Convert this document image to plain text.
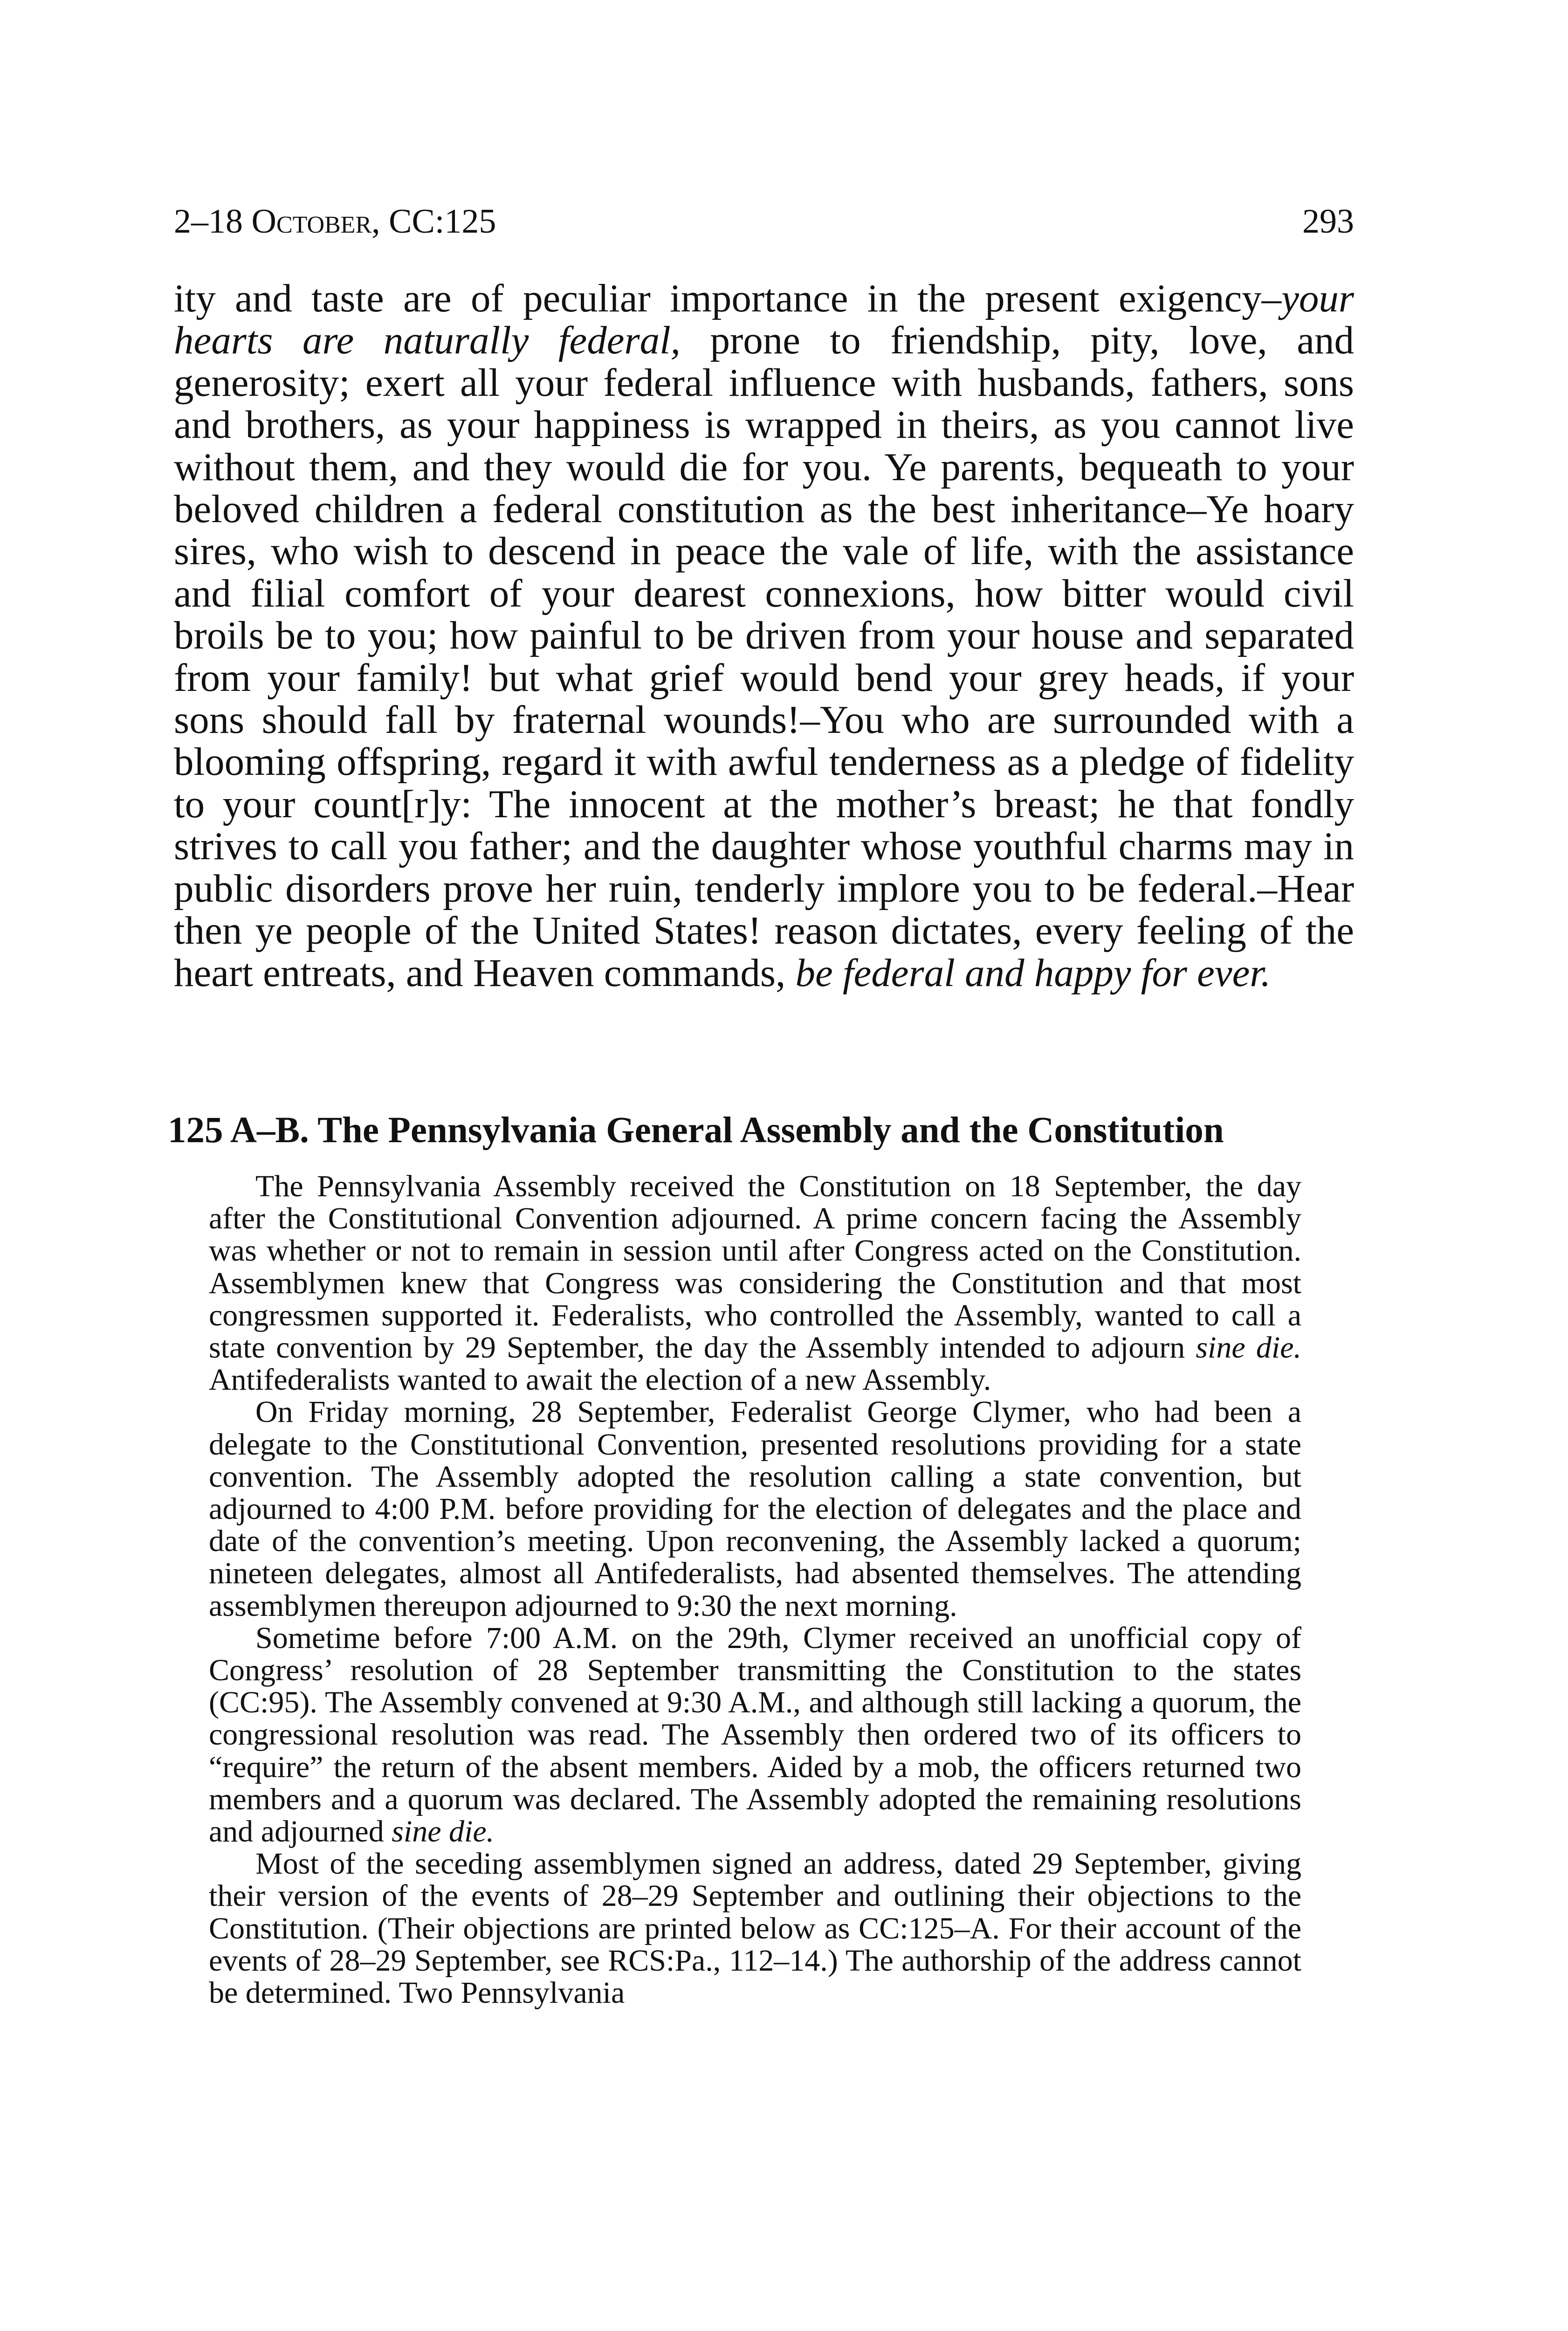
2–18 October, CC:125	293

ity and taste are of peculiar importance in the present exigency–your hearts are naturally federal, prone to friendship, pity, love, and generosity; exert all your federal influence with husbands, fathers, sons and brothers, as your happiness is wrapped in theirs, as you cannot live without them, and they would die for you. Ye parents, bequeath to your beloved children a federal constitution as the best inheritance–Ye hoary sires, who wish to descend in peace the vale of life, with the assistance and filial comfort of your dearest connexions, how bitter would civil broils be to you; how painful to be driven from your house and separated from your family! but what grief would bend your grey heads, if your sons should fall by fraternal wounds!–You who are surrounded with a blooming offspring, regard it with awful tenderness as a pledge of fidelity to your count[r]y: The innocent at the mother’s breast; he that fondly strives to call you father; and the daughter whose youthful charms may in public disorders prove her ruin, tenderly implore you to be federal.–Hear then ye people of the United States! reason dictates, every feeling of the heart entreats, and Heaven commands, be federal and happy for ever.

125 A–B. The Pennsylvania General Assembly and the Constitution

The Pennsylvania Assembly received the Constitution on 18 September, the day after the Constitutional Convention adjourned. A prime concern facing the Assembly was whether or not to remain in session until after Congress acted on the Constitution. Assemblymen knew that Congress was considering the Constitution and that most congressmen supported it. Federalists, who controlled the Assembly, wanted to call a state convention by 29 September, the day the Assembly intended to adjourn sine die. Antifederalists wanted to await the election of a new Assembly.

On Friday morning, 28 September, Federalist George Clymer, who had been a delegate to the Constitutional Convention, presented resolutions providing for a state convention. The Assembly adopted the resolution calling a state convention, but adjourned to 4:00 P.M. before providing for the election of delegates and the place and date of the convention’s meeting. Upon reconvening, the Assembly lacked a quorum; nineteen delegates, almost all Antifederalists, had absented themselves. The attending assemblymen thereupon adjourned to 9:30 the next morning.

Sometime before 7:00 A.M. on the 29th, Clymer received an unofficial copy of Congress’ resolution of 28 September transmitting the Constitution to the states (CC:95). The Assembly convened at 9:30 A.M., and although still lacking a quorum, the congressional resolution was read. The Assembly then ordered two of its officers to “require” the return of the absent members. Aided by a mob, the officers returned two members and a quorum was declared. The Assembly adopted the remaining resolutions and adjourned sine die.

Most of the seceding assemblymen signed an address, dated 29 September, giving their version of the events of 28–29 September and outlining their objections to the Constitution. (Their objections are printed below as CC:125–A. For their account of the events of 28–29 September, see RCS:Pa., 112–14.) The authorship of the address cannot be determined. Two Pennsylvania
